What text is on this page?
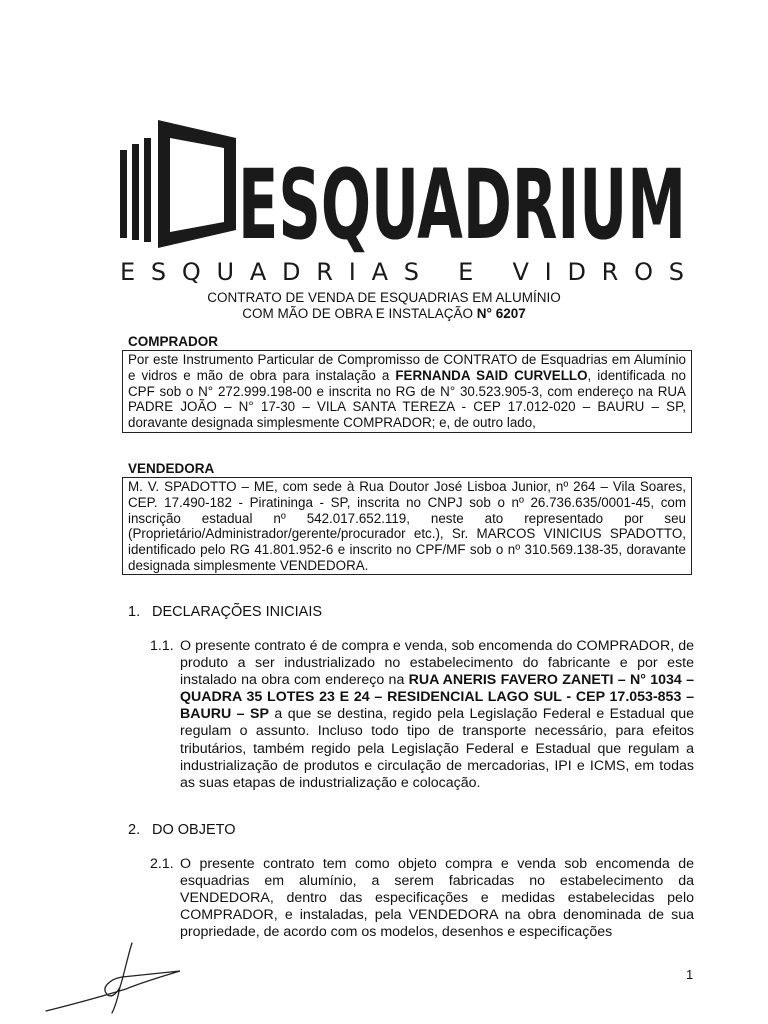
ESQUADRIUM
ESQUADRIAS E VIDROS
CONTRATO DE VENDA DE ESQUADRIAS EM ALUMÍNIO
COM MÃO DE OBRA E INSTALAÇÃO N° 6207
COMPRADOR
Por este Instrumento Particular de Compromisso de CONTRATO de Esquadrias em Alumínio e vidros e mão de obra para instalação a FERNANDA SAID CURVELLO, identificada no CPF sob o N° 272.999.198-00 e inscrita no RG de N° 30.523.905-3, com endereço na RUA PADRE JOÃO – N° 17-30 – VILA SANTA TEREZA - CEP 17.012-020 – BAURU – SP, doravante designada simplesmente COMPRADOR; e, de outro lado,
VENDEDORA
M. V. SPADOTTO – ME, com sede à Rua Doutor José Lisboa Junior, nº 264 – Vila Soares, CEP. 17.490-182 - Piratininga - SP, inscrita no CNPJ sob o nº 26.736.635/0001-45, com inscrição estadual nº 542.017.652.119, neste ato representado por seu (Proprietário/Administrador/gerente/procurador etc.), Sr. MARCOS VINICIUS SPADOTTO, identificado pelo RG 41.801.952-6 e inscrito no CPF/MF sob o nº 310.569.138-35, doravante designada simplesmente VENDEDORA.
1. DECLARAÇÕES INICIAIS
1.1. O presente contrato é de compra e venda, sob encomenda do COMPRADOR, de produto a ser industrializado no estabelecimento do fabricante e por este instalado na obra com endereço na RUA ANERIS FAVERO ZANETI – N° 1034 – QUADRA 35 LOTES 23 E 24 – RESIDENCIAL LAGO SUL - CEP 17.053-853 – BAURU – SP a que se destina, regido pela Legislação Federal e Estadual que regulam o assunto. Incluso todo tipo de transporte necessário, para efeitos tributários, também regido pela Legislação Federal e Estadual que regulam a industrialização de produtos e circulação de mercadorias, IPI e ICMS, em todas as suas etapas de industrialização e colocação.
2. DO OBJETO
2.1. O presente contrato tem como objeto compra e venda sob encomenda de esquadrias em alumínio, a serem fabricadas no estabelecimento da VENDEDORA, dentro das especificações e medidas estabelecidas pelo COMPRADOR, e instaladas, pela VENDEDORA na obra denominada de sua propriedade, de acordo com os modelos, desenhos e especificações
1
